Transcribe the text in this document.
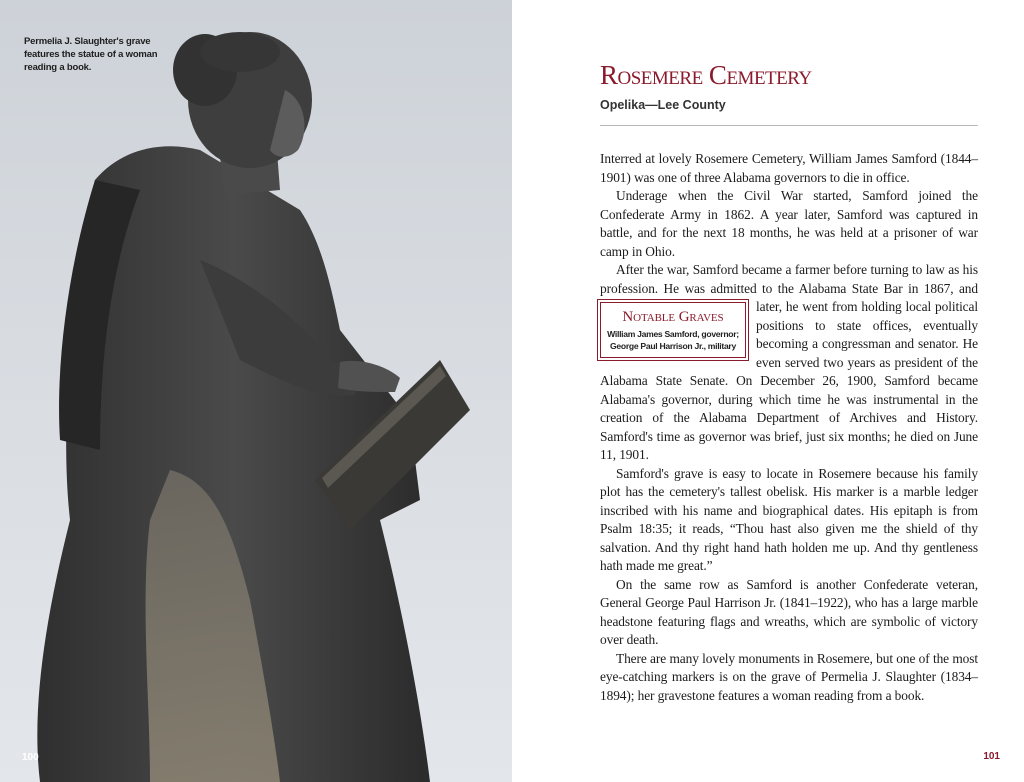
Permelia J. Slaughter's grave features the statue of a woman reading a book.
100
Rosemere Cemetery
Opelika—Lee County

Interred at lovely Rosemere Cemetery, William James Samford (1844–1901) was one of three Alabama governors to die in office.

Underage when the Civil War started, Samford joined the Confederate Army in 1862. A year later, Samford was captured in battle, and for the next 18 months, he was held at a prisoner of war camp in Ohio.

After the war, Samford became a farmer before turning to law as his profession. He was admitted to the Alabama State Bar in
Notable Graves
William James Samford, governor;
George Paul Harrison Jr., military
1867, and later, he went from holding local political positions to state offices, eventually becoming a congressman and senator. He even served two years as president of the Alabama State Senate. On December 26, 1900, Samford became Alabama's governor, during which time he was instrumental in the creation of the Alabama Department of Archives and History. Samford's time as governor was brief, just six months; he died on June 11, 1901.

Samford's grave is easy to locate in Rosemere because his family plot has the cemetery's tallest obelisk. His marker is a marble ledger inscribed with his name and biographical dates. His epitaph is from Psalm 18:35; it reads, “Thou hast also given me the shield of thy salvation. And thy right hand hath holden me up. And thy gentleness hath made me great.”

On the same row as Samford is another Confederate veteran, General George Paul Harrison Jr. (1841–1922), who has a large marble headstone featuring flags and wreaths, which are symbolic of victory over death.

There are many lovely monuments in Rosemere, but one of the most eye-catching markers is on the grave of Permelia J. Slaughter (1834–1894); her gravestone features a woman reading from a book.

101
